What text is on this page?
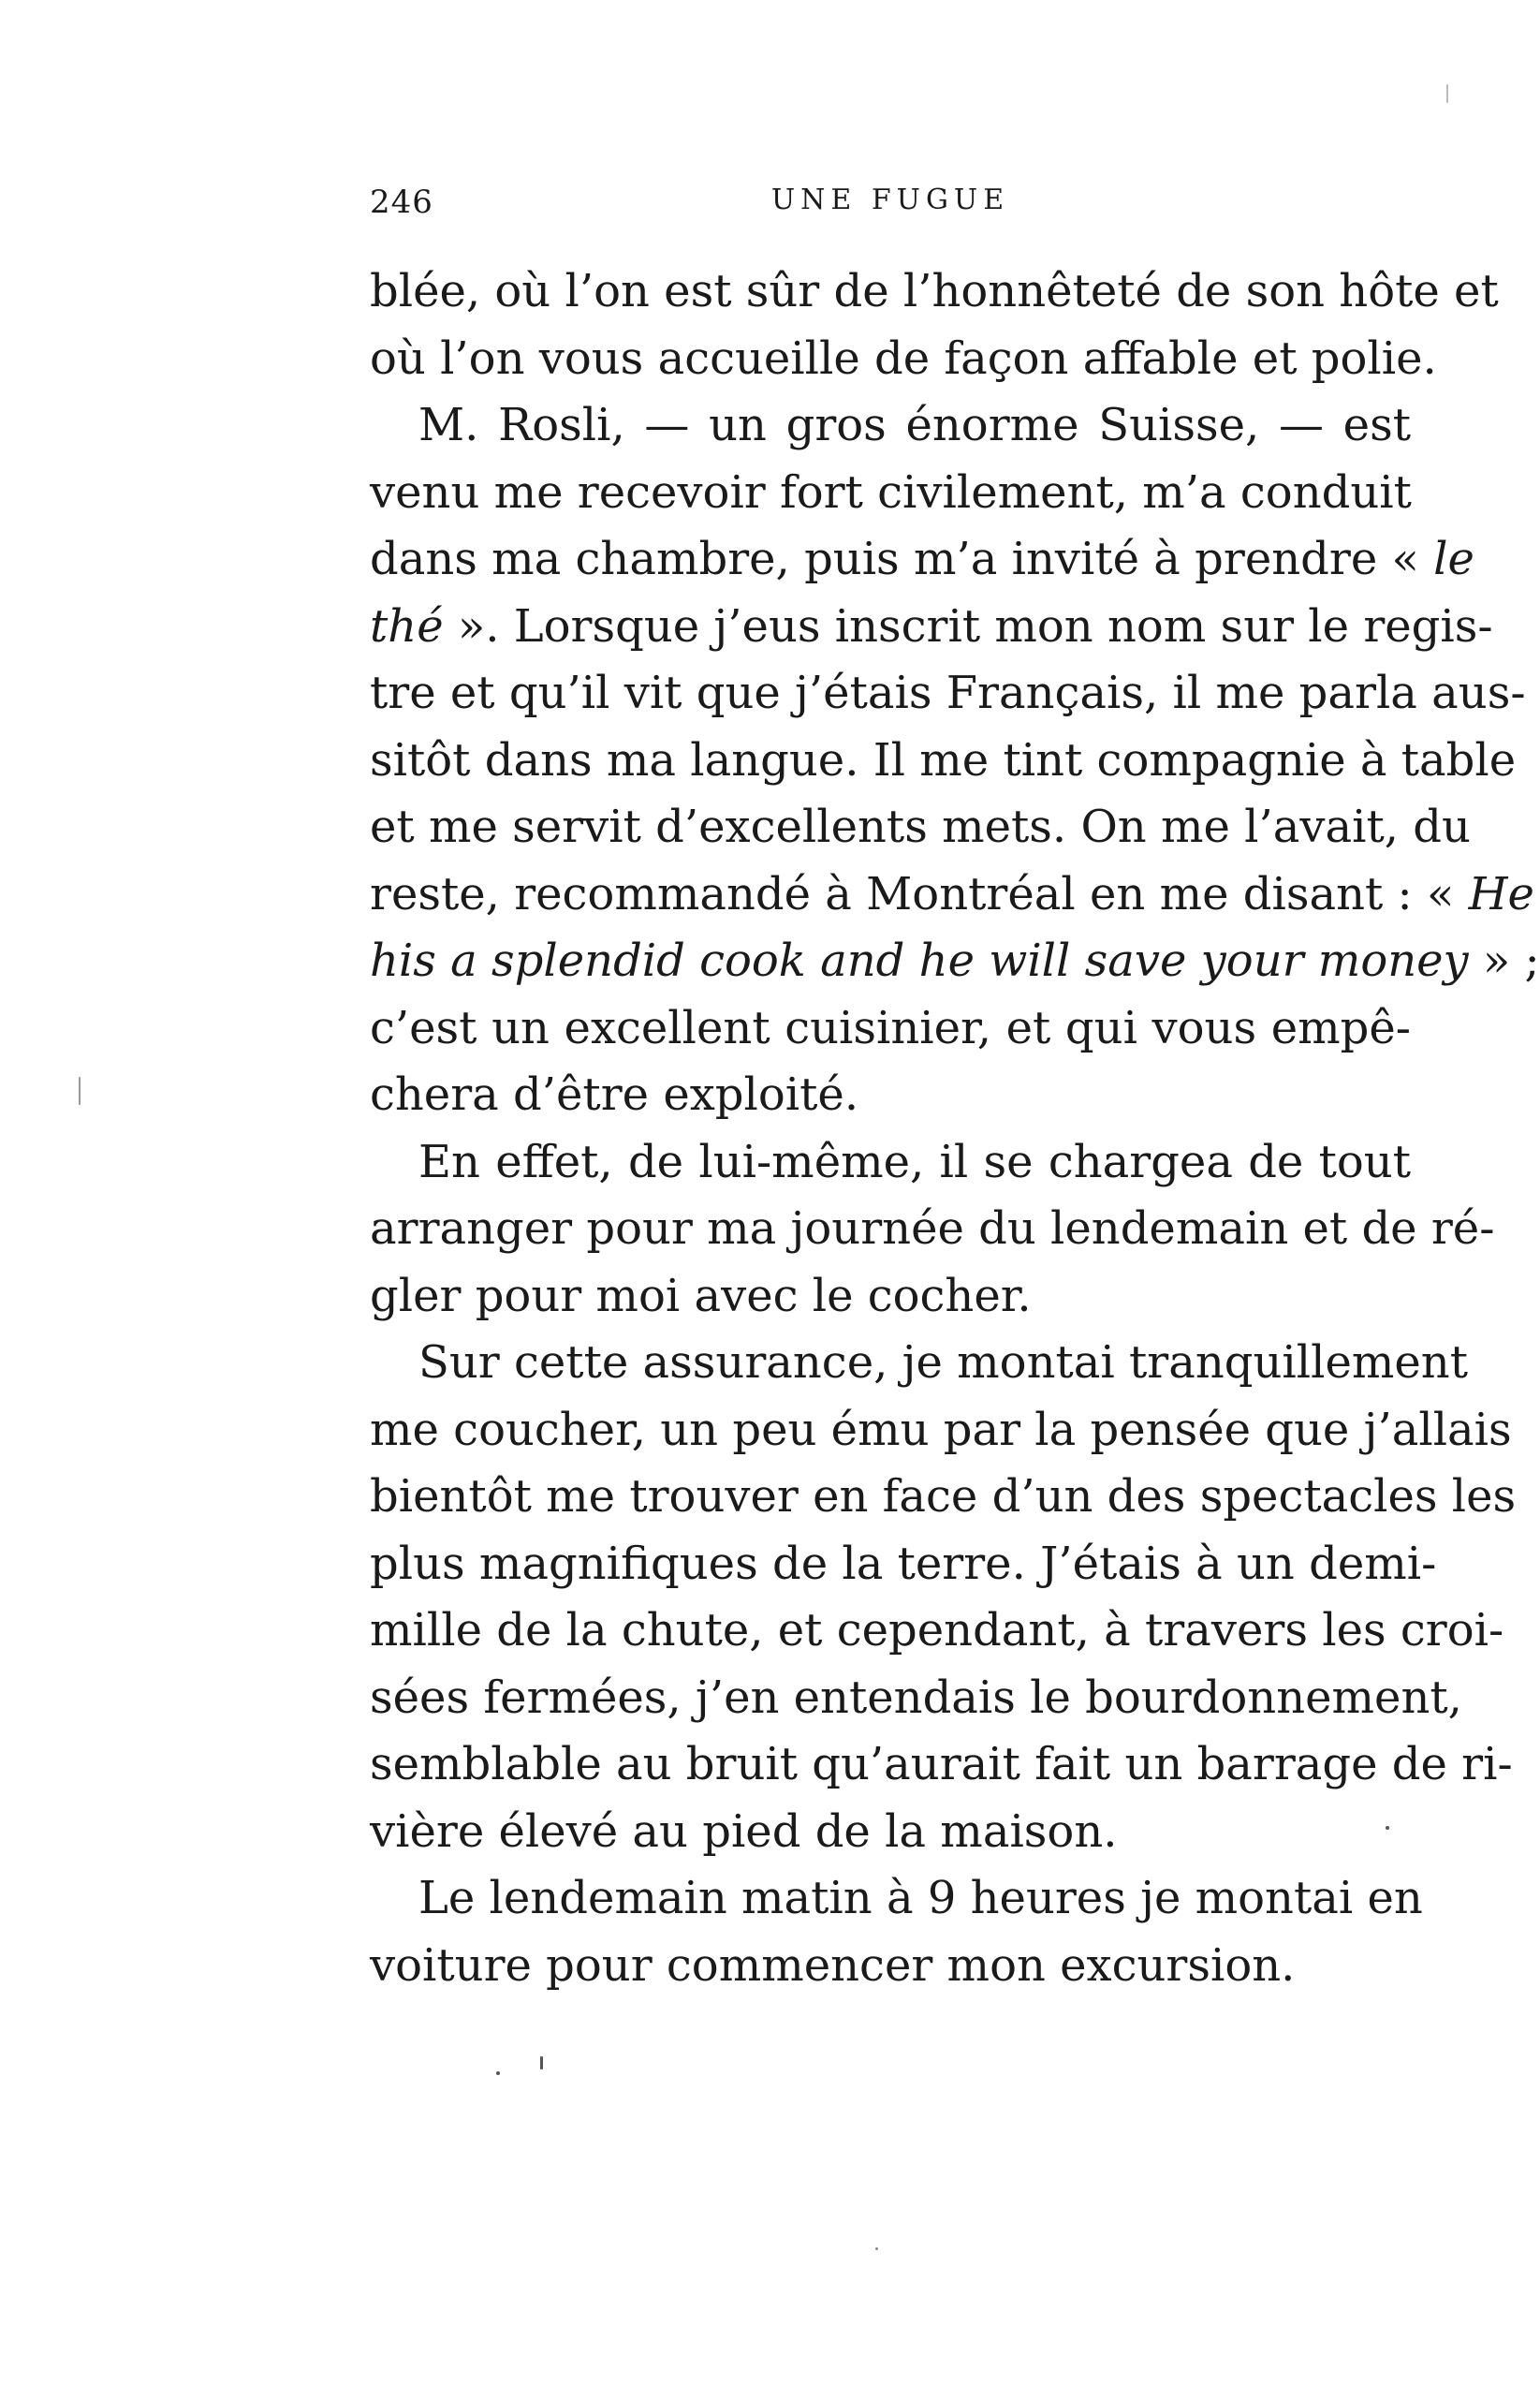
246	UNE FUGUE
blée, où l’on est sûr de l’honnêteté de son hôte et
où l’on vous accueille de façon affable et polie.
M. Rosli, — un gros énorme Suisse, — est
venu me recevoir fort civilement, m’a conduit
dans ma chambre, puis m’a invité à prendre « le
thé ». Lorsque j’eus inscrit mon nom sur le regis-
tre et qu’il vit que j’étais Français, il me parla aus-
sitôt dans ma langue. Il me tint compagnie à table
et me servit d’excellents mets. On me l’avait, du
reste, recommandé à Montréal en me disant : « He
his a splendid cook and he will save your money » ;
c’est un excellent cuisinier, et qui vous empê-
chera d’être exploité.
En effet, de lui-même, il se chargea de tout
arranger pour ma journée du lendemain et de ré-
gler pour moi avec le cocher.
Sur cette assurance, je montai tranquillement
me coucher, un peu ému par la pensée que j’allais
bientôt me trouver en face d’un des spectacles les
plus magnifiques de la terre. J’étais à un demi-
mille de la chute, et cependant, à travers les croi-
sées fermées, j’en entendais le bourdonnement,
semblable au bruit qu’aurait fait un barrage de ri-
vière élevé au pied de la maison.
Le lendemain matin à 9 heures je montai en
voiture pour commencer mon excursion.
